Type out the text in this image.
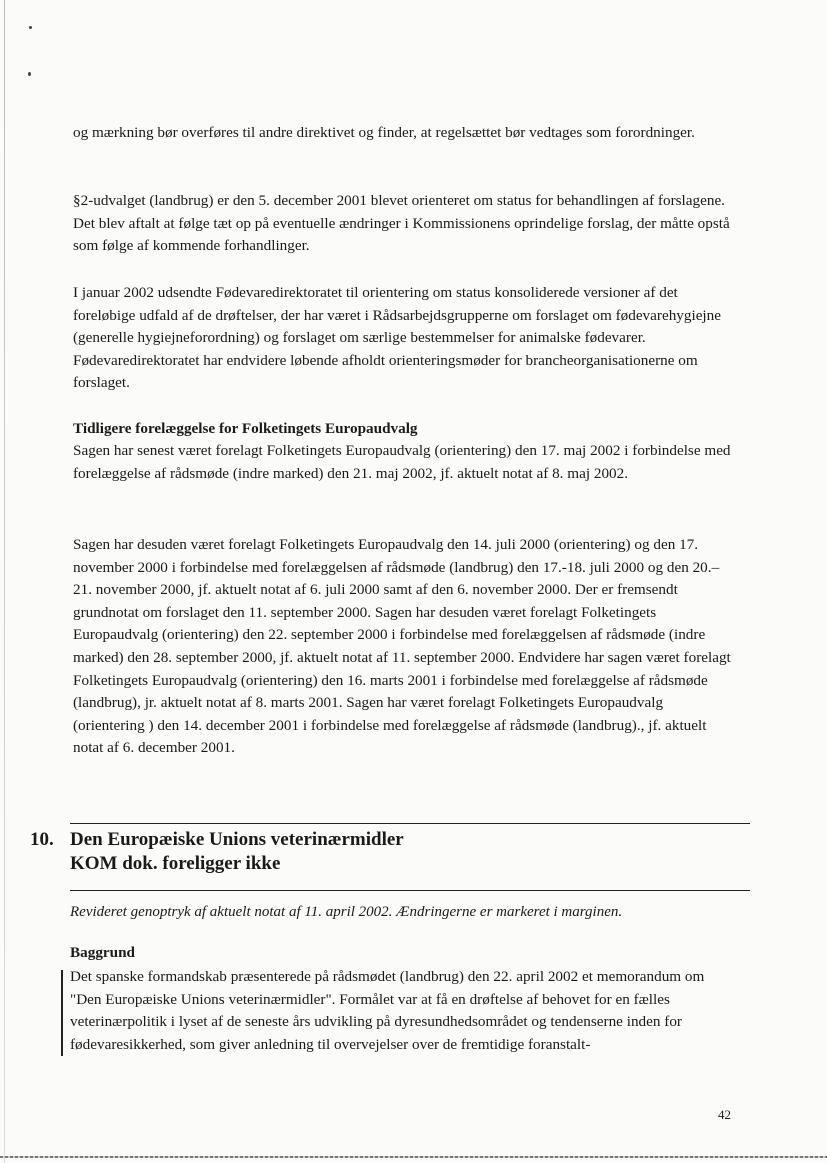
og mærkning bør overføres til andre direktivet og finder, at regelsættet bør vedtages som forordninger.

§2-udvalget (landbrug) er den 5. december 2001 blevet orienteret om status for behandlingen af forslagene. Det blev aftalt at følge tæt op på eventuelle ændringer i Kommissionens oprindelige forslag, der måtte opstå som følge af kommende forhandlinger.

I januar 2002 udsendte Fødevaredirektoratet til orientering om status konsoliderede versioner af det foreløbige udfald af de drøftelser, der har været i Rådsarbejdsgrupperne om forslaget om fødevarehygiejne (generelle hygiejneforordning) og forslaget om særlige bestemmelser for animalske fødevarer. Fødevaredirektoratet har endvidere løbende afholdt orienteringsmøder for brancheorganisationerne om forslaget.

Tidligere forelæggelse for Folketingets Europaudvalg

Sagen har senest været forelagt Folketingets Europaudvalg (orientering) den 17. maj 2002 i forbindelse med forelæggelse af rådsmøde (indre marked) den 21. maj 2002, jf. aktuelt notat af 8. maj 2002.

Sagen har desuden været forelagt Folketingets Europaudvalg den 14. juli 2000 (orientering) og den 17. november 2000 i forbindelse med forelæggelsen af rådsmøde (landbrug) den 17.-18. juli 2000 og den 20.– 21. november 2000, jf. aktuelt notat af 6. juli 2000 samt af den 6. november 2000. Der er fremsendt grundnotat om forslaget den 11. september 2000. Sagen har desuden været forelagt Folketingets Europaudvalg (orientering) den 22. september 2000 i forbindelse med forelæggelsen af rådsmøde (indre marked) den 28. september 2000, jf. aktuelt notat af 11. september 2000. Endvidere har sagen været forelagt Folketingets Europaudvalg (orientering) den 16. marts 2001 i forbindelse med forelæggelse af rådsmøde (landbrug), jr. aktuelt notat af 8. marts 2001. Sagen har været forelagt Folketingets Europaudvalg (orientering ) den 14. december 2001 i forbindelse med forelæggelse af rådsmøde (landbrug)., jf. aktuelt notat af 6. december 2001.

10. Den Europæiske Unions veterinærmidler
KOM dok. foreligger ikke
Revideret genoptryk af aktuelt notat af 11. april 2002. Ændringerne er markeret i marginen.
Baggrund

Det spanske formandskab præsenterede på rådsmødet (landbrug) den 22. april 2002 et memorandum om "Den Europæiske Unions veterinærmidler". Formålet var at få en drøftelse af behovet for en fælles veterinærpolitik i lyset af de seneste års udvikling på dyresundhedsområdet og tendenserne inden for fødevaresikkerhed, som giver anledning til overvejelser over de fremtidige foranstalt-

42
